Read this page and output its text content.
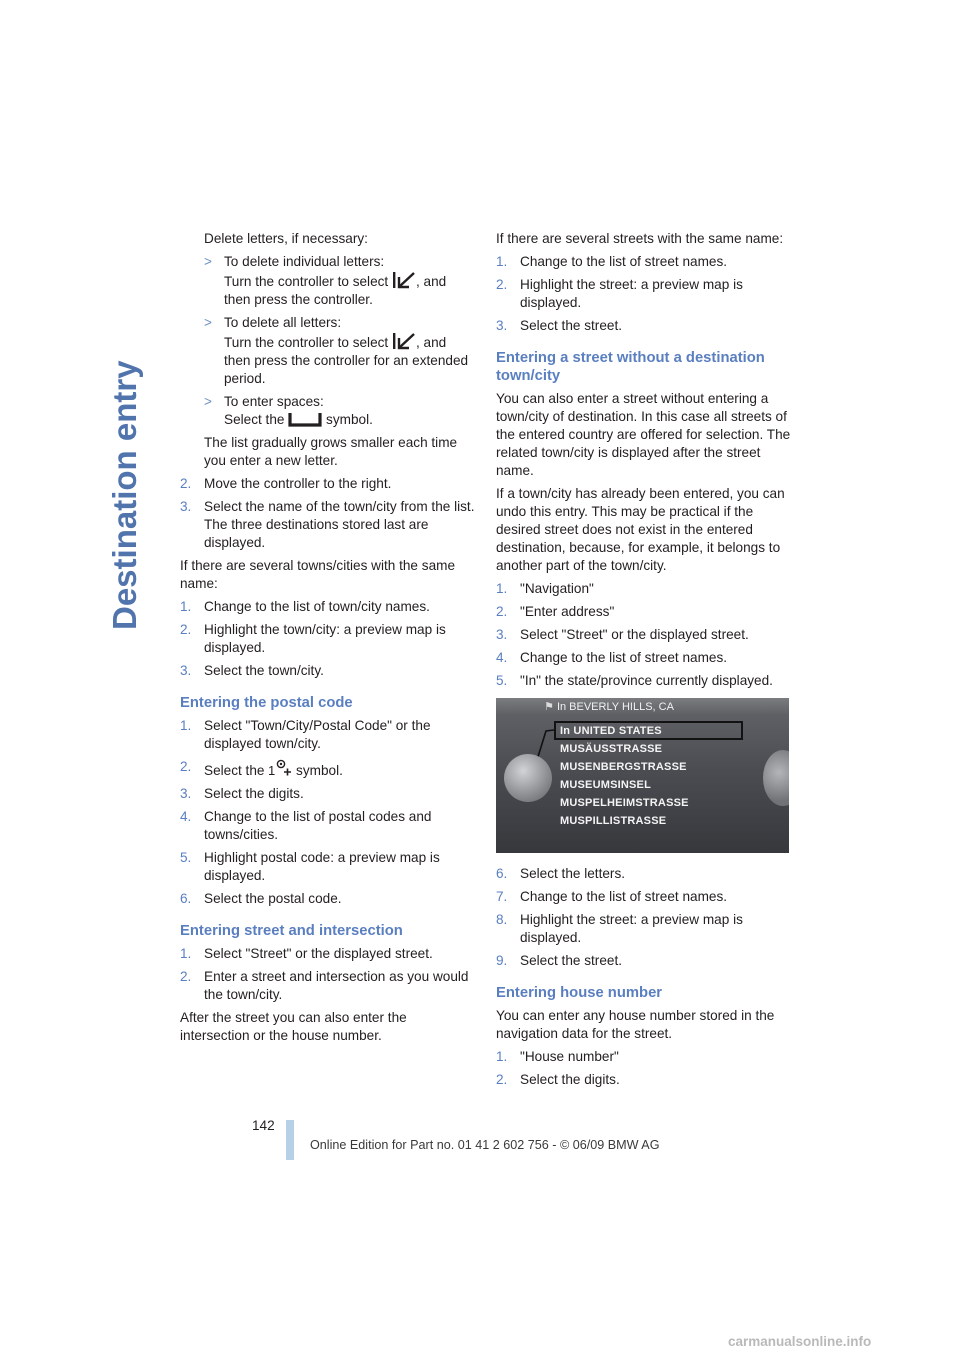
Destination entry

Delete letters, if necessary:

> To delete individual letters:
Turn the controller to select , and then press the controller.
> To delete all letters:
Turn the controller to select , and then press the controller for an extended period.
> To enter spaces:
Select the	symbol.

The list gradually grows smaller each time you enter a new letter.

2. Move the controller to the right.
3. Select the name of the town/city from the list. The three destinations stored last are displayed.

If there are several towns/cities with the same name:

1. Change to the list of town/city names.
2. Highlight the town/city: a preview map is displayed.
3. Select the town/city.
Entering the postal code
1. Select "Town/City/Postal Code" or the displayed town/city.
2. Select the 1 symbol.
3. Select the digits.
4. Change to the list of postal codes and towns/cities.
5. Highlight postal code: a preview map is displayed.
6. Select the postal code.
Entering street and intersection
1. Select "Street" or the displayed street.
2. Enter a street and intersection as you would the town/city.

After the street you can also enter the intersection or the house number.

If there are several streets with the same name:

1. Change to the list of street names.
2. Highlight the street: a preview map is displayed.
3. Select the street.
Entering a street without a destination town/city

You can also enter a street without entering a town/city of destination. In this case all streets of the entered country are offered for selection. The related town/city is displayed after the street name.

If a town/city has already been entered, you can undo this entry. This may be practical if the desired street does not exist in the entered destination, because, for example, it belongs to another part of the town/city.

1. "Navigation"
2. "Enter address"
3. Select "Street" or the displayed street.
4. Change to the list of street names.
5. "In" the state/province currently displayed.
⚑ In BEVERLY HILLS, CA
In UNITED STATES
MUSÄUSSTRASSE
MUSENBERGSTRASSE
MUSEUMSINSEL
MUSPELHEIMSTRASSE
MUSPILLISTRASSE
6. Select the letters.
7. Change to the list of street names.
8. Highlight the street: a preview map is displayed.
9. Select the street.
Entering house number

You can enter any house number stored in the navigation data for the street.

1. "House number"
2. Select the digits.
142
Online Edition for Part no. 01 41 2 602 756 - © 06/09 BMW AG
carmanualsonline.info
